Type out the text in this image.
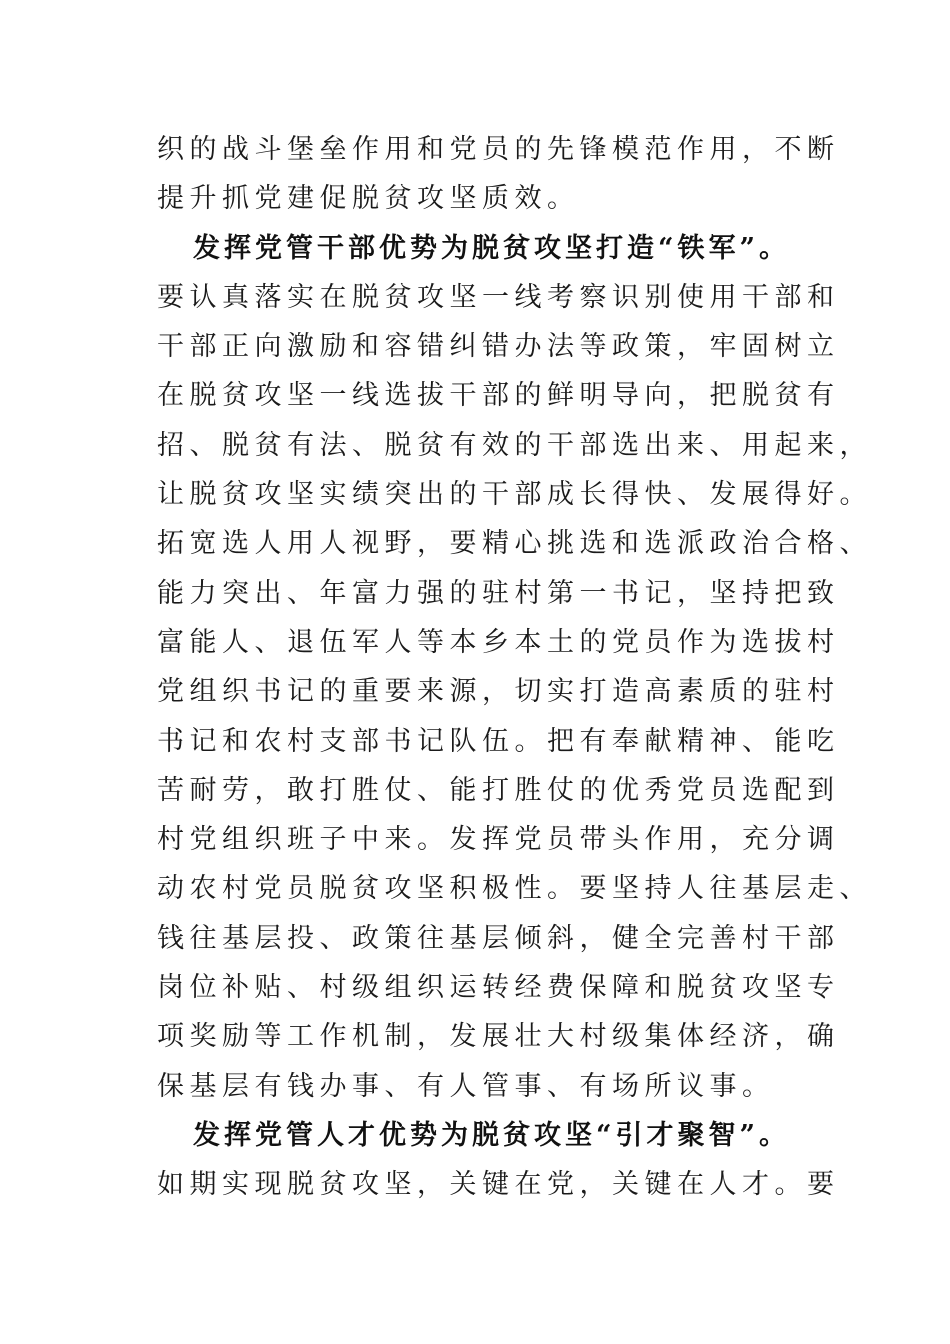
织的战斗堡垒作用和党员的先锋模范作用，不断
提升抓党建促脱贫攻坚质效。
发挥党管干部优势为脱贫攻坚打造“铁军”。
要认真落实在脱贫攻坚一线考察识别使用干部和
干部正向激励和容错纠错办法等政策，牢固树立
在脱贫攻坚一线选拔干部的鲜明导向，把脱贫有
招、脱贫有法、脱贫有效的干部选出来、用起来，
让脱贫攻坚实绩突出的干部成长得快、发展得好。
拓宽选人用人视野，要精心挑选和选派政治合格、
能力突出、年富力强的驻村第一书记，坚持把致
富能人、退伍军人等本乡本土的党员作为选拔村
党组织书记的重要来源，切实打造高素质的驻村
书记和农村支部书记队伍。把有奉献精神、能吃
苦耐劳，敢打胜仗、能打胜仗的优秀党员选配到
村党组织班子中来。发挥党员带头作用，充分调
动农村党员脱贫攻坚积极性。要坚持人往基层走、
钱往基层投、政策往基层倾斜，健全完善村干部
岗位补贴、村级组织运转经费保障和脱贫攻坚专
项奖励等工作机制，发展壮大村级集体经济，确
保基层有钱办事、有人管事、有场所议事。
发挥党管人才优势为脱贫攻坚“引才聚智”。
如期实现脱贫攻坚，关键在党，关键在人才。要
